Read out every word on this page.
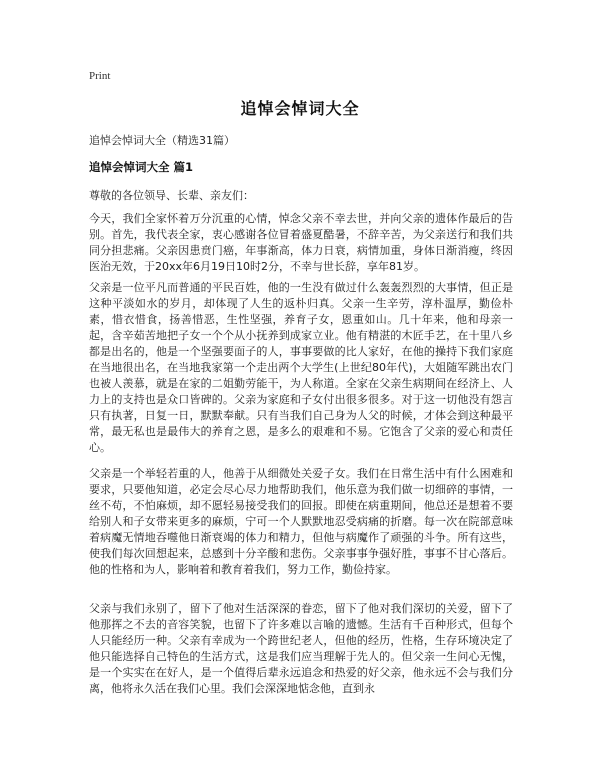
Print
追悼会悼词大全
追悼会悼词大全（精选31篇）
追悼会悼词大全 篇1
尊敬的各位领导、长辈、亲友们：

今天，我们全家怀着万分沉重的心情，悼念父亲不幸去世，并向父亲的遗体作最后的告别。首先，我代表全家，衷心感谢各位冒着盛夏酷暑，不辞辛苦，为父亲送行和我们共同分担悲痛。父亲因患贲门癌，年事渐高，体力日衰，病情加重，身体日渐消瘦，终因医治无效，于20xx年6月19日10时2分，不幸与世长辞，享年81岁。

父亲是一位平凡而普通的平民百姓，他的一生没有做过什么轰轰烈烈的大事情，但正是这种平淡如水的岁月，却体现了人生的返朴归真。父亲一生辛劳，淳朴温厚，勤俭朴素，惜衣惜食，扬善惜恶，生性坚强，养育子女，恩重如山。几十年来，他和母亲一起，含辛茹苦地把子女一个个从小抚养到成家立业。他有精湛的木匠手艺，在十里八乡都是出名的，他是一个坚强要面子的人，事事要做的比人家好，在他的操持下我们家庭在当地很出名，在当地我家第一个走出两个大学生(上世纪80年代)，大姐随军跳出农门也被人羡慕，就是在家的二姐勤劳能干，为人称道。全家在父亲生病期间在经济上、人力上的支持也是众口皆碑的。父亲为家庭和子女付出很多很多。对于这一切他没有怨言只有执著，日复一日，默默奉献。只有当我们自己身为人父的时候，才体会到这种最平常，最无私也是最伟大的养育之恩，是多么的艰难和不易。它饱含了父亲的爱心和责任心。

父亲是一个举轻若重的人，他善于从细微处关爱子女。我们在日常生活中有什么困难和要求，只要他知道，必定会尽心尽力地帮助我们，他乐意为我们做一切细碎的事情，一丝不苟，不怕麻烦，却不愿轻易接受我们的回报。即使在病重期间，他总还是想着不要给别人和子女带来更多的麻烦，宁可一个人默默地忍受病痛的折磨。每一次在院部意味着病魔无情地吞噬他日渐衰竭的体力和精力，但他与病魔作了顽强的斗争。所有这些，使我们每次回想起来，总感到十分辛酸和悲伤。父亲事事争强好胜，事事不甘心落后。他的性格和为人，影响着和教育着我们，努力工作，勤俭持家。

父亲与我们永别了，留下了他对生活深深的眷恋，留下了他对我们深切的关爱，留下了他那挥之不去的音容笑貌，也留下了许多难以言喻的遗憾。生活有千百种形式，但每个人只能经历一种。父亲有幸成为一个跨世纪老人，但他的经历，性格，生存环境决定了他只能选择自己特色的生活方式，这是我们应当理解于先人的。但父亲一生问心无愧，是一个实实在在好人，是一个值得后辈永远追念和热爱的好父亲，他永远不会与我们分离，他将永久活在我们心里。我们会深深地惦念他，直到永
